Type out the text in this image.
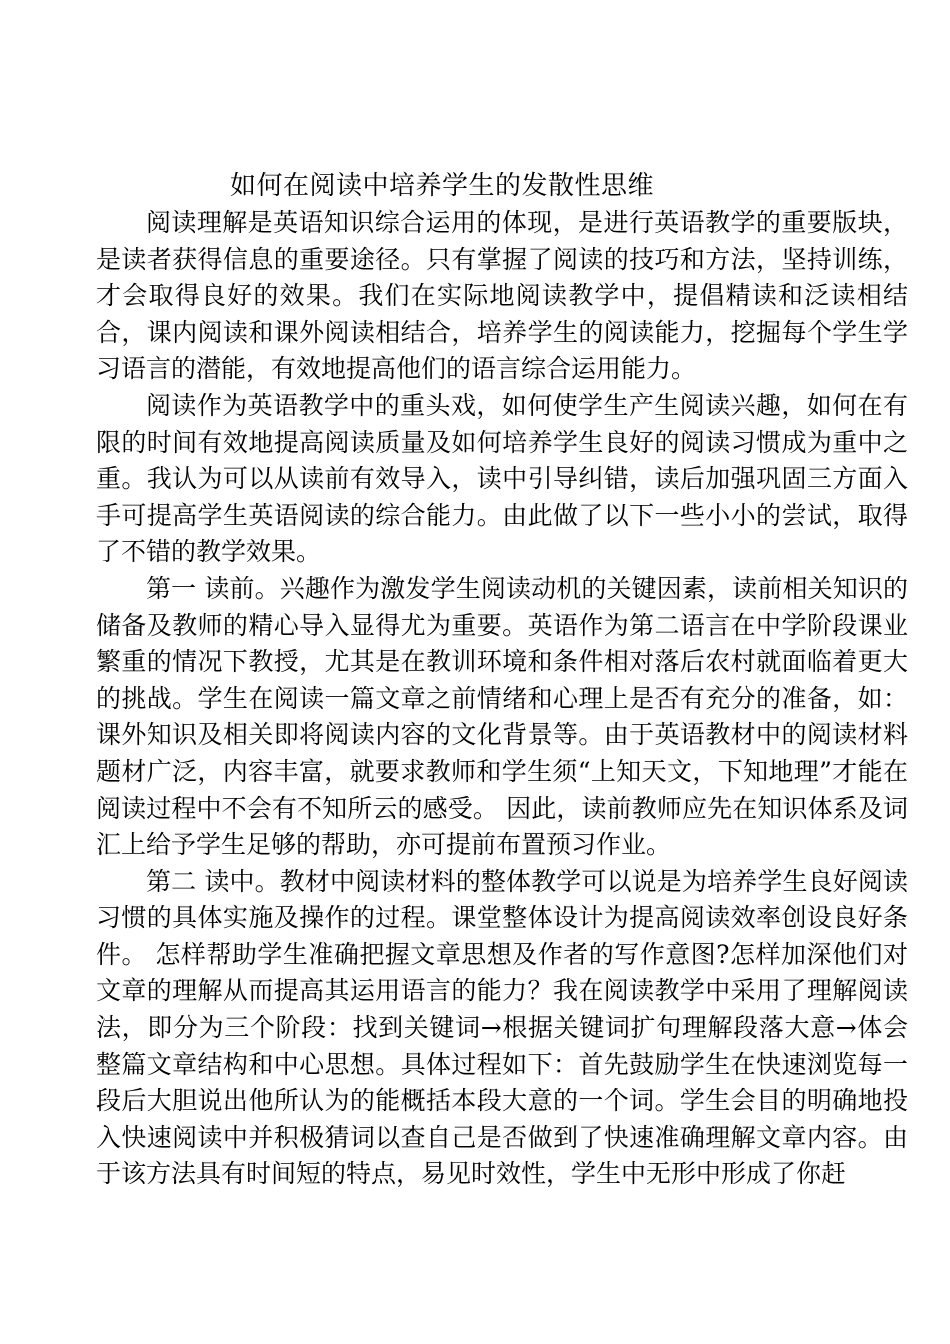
如何在阅读中培养学生的发散性思维

阅读理解是英语知识综合运用的体现，是进行英语教学的重要版块，是读者获得信息的重要途径。只有掌握了阅读的技巧和方法，坚持训练，才会取得良好的效果。我们在实际地阅读教学中，提倡精读和泛读相结合，课内阅读和课外阅读相结合，培养学生的阅读能力，挖掘每个学生学习语言的潜能，有效地提高他们的语言综合运用能力。

阅读作为英语教学中的重头戏，如何使学生产生阅读兴趣，如何在有限的时间有效地提高阅读质量及如何培养学生良好的阅读习惯成为重中之重。我认为可以从读前有效导入，读中引导纠错，读后加强巩固三方面入手可提高学生英语阅读的综合能力。由此做了以下一些小小的尝试，取得了不错的教学效果。

第一 读前。兴趣作为激发学生阅读动机的关键因素，读前相关知识的储备及教师的精心导入显得尤为重要。英语作为第二语言在中学阶段课业繁重的情况下教授，尤其是在教训环境和条件相对落后农村就面临着更大的挑战。学生在阅读一篇文章之前情绪和心理上是否有充分的准备，如：课外知识及相关即将阅读内容的文化背景等。由于英语教材中的阅读材料题材广泛，内容丰富，就要求教师和学生须“上知天文，下知地理”才能在阅读过程中不会有不知所云的感受。 因此，读前教师应先在知识体系及词汇上给予学生足够的帮助，亦可提前布置预习作业。

第二 读中。教材中阅读材料的整体教学可以说是为培养学生良好阅读习惯的具体实施及操作的过程。课堂整体设计为提高阅读效率创设良好条件。 怎样帮助学生准确把握文章思想及作者的写作意图?怎样加深他们对文章的理解从而提高其运用语言的能力？我在阅读教学中采用了理解阅读法，即分为三个阶段：找到关键词→根据关键词扩句理解段落大意→体会整篇文章结构和中心思想。具体过程如下：首先鼓励学生在快速浏览每一段后大胆说出他所认为的能概括本段大意的一个词。学生会目的明确地投入快速阅读中并积极猜词以查自己是否做到了快速准确理解文章内容。由于该方法具有时间短的特点，易见时效性，学生中无形中形成了你赶
